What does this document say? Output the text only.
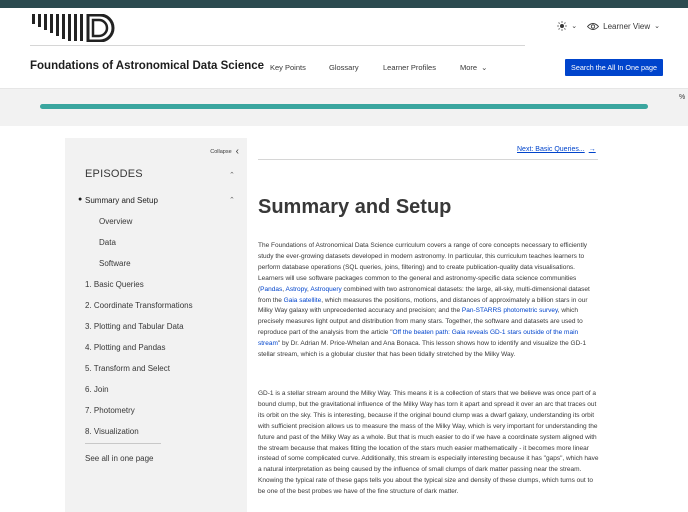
⌄	Learner View ⌄
Foundations of Astronomical Data Science Key Points	Glossary	Learner Profiles	More ⌄	Search the All In One page
%
Collapse ‹
EPISODES	⌃
● Summary and Setup	⌃
Overview
Data
Software
1. Basic Queries
2. Coordinate Transformations
3. Plotting and Tabular Data
4. Plotting and Pandas
5. Transform and Select
6. Join
7. Photometry
8. Visualization
See all in one page
Next: Basic Queries... →
Summary and Setup

The Foundations of Astronomical Data Science curriculum covers a range of core concepts necessary to efficiently study the ever-growing datasets developed in modern astronomy. In particular, this curriculum teaches learners to perform database operations (SQL queries, joins, filtering) and to create publication-quality data visualisations. Learners will use software packages common to the general and astronomy-specific data science communities (Pandas, Astropy, Astroquery combined with two astronomical datasets: the large, all-sky, multi-dimensional dataset from the Gaia satellite, which measures the positions, motions, and distances of approximately a billion stars in our Milky Way galaxy with unprecedented accuracy and precision; and the Pan-STARRS photometric survey, which precisely measures light output and distribution from many stars. Together, the software and datasets are used to reproduce part of the analysis from the article "Off the beaten path: Gaia reveals GD-1 stars outside of the main stream" by Dr. Adrian M. Price-Whelan and Ana Bonaca. This lesson shows how to identify and visualize the GD-1 stellar stream, which is a globular cluster that has been tidally stretched by the Milky Way.

GD-1 is a stellar stream around the Milky Way. This means it is a collection of stars that we believe was once part of a bound clump, but the gravitational influence of the Milky Way has torn it apart and spread it over an arc that traces out its orbit on the sky. This is interesting, because if the original bound clump was a dwarf galaxy, understanding its orbit with sufficient precision allows us to measure the mass of the Milky Way, which is very important for understanding the future and past of the Milky Way as a whole. But that is much easier to do if we have a coordinate system aligned with the stream because that makes fitting the location of the stars much easier mathematically - it becomes more linear instead of some complicated curve. Additionally, this stream is especially interesting because it has "gaps", which have a natural interpretation as being caused by the influence of small clumps of dark matter passing near the stream. Knowing the typical rate of these gaps tells you about the typical size and density of these clumps, which turns out to be one of the best probes we have of the fine structure of dark matter.
